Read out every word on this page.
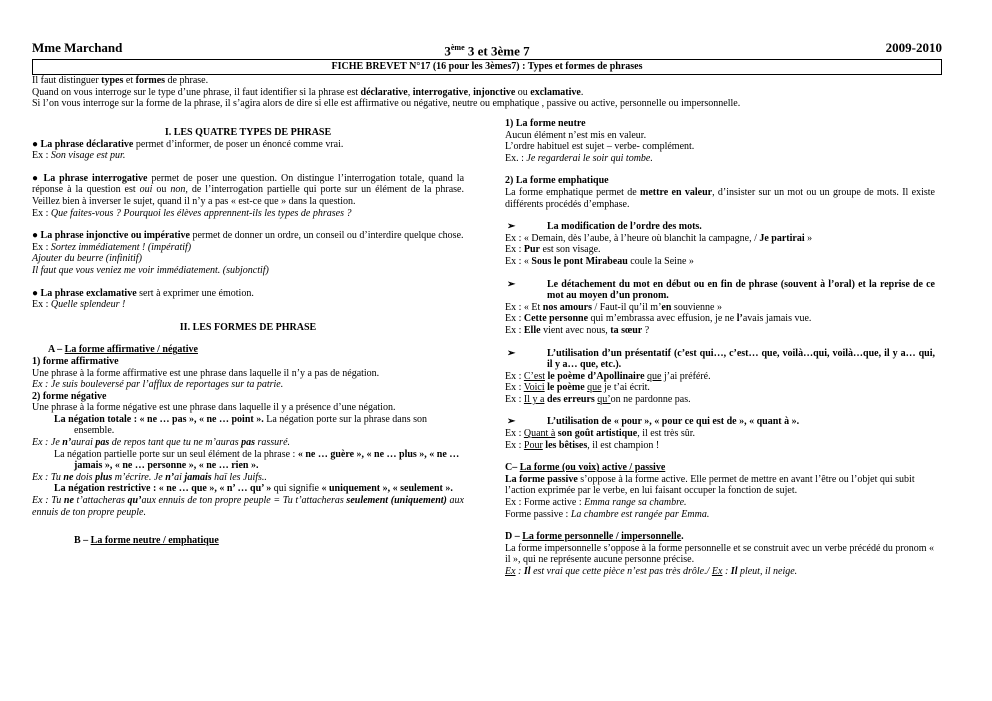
Mme Marchand	3ème 3 et 3ème 7	2009-2010
FICHE BREVET N°17 (16 pour les 3èmes7) : Types et formes de phrases

Il faut distinguer types et formes de phrase.

Quand on vous interroge sur le type d’une phrase, il faut identifier si la phrase est déclarative, interrogative, injonctive ou exclamative.

Si l’on vous interroge sur la forme de la phrase, il s’agira alors de dire si elle est affirmative ou négative, neutre ou emphatique , passive ou active, personnelle ou impersonnelle.

I. LES QUATRE TYPES DE PHRASE

● La phrase déclarative permet d’informer, de poser un énoncé comme vrai.

Ex : Son visage est pur.

● La phrase interrogative permet de poser une question. On distingue l’interrogation totale, quand la réponse à la question est oui ou non, de l’interrogation partielle qui porte sur un élément de la phrase. Veillez bien à inverser le sujet, quand il n’y a pas « est-ce que » dans la question.

Ex : Que faites-vous ? Pourquoi les élèves apprennent-ils les types de phrases ?

● La phrase injonctive ou impérative permet de donner un ordre, un conseil ou d’interdire quelque chose.

Ex : Sortez immédiatement ! (impératif)

Ajouter du beurre (infinitif)

Il faut que vous veniez me voir immédiatement. (subjonctif)

● La phrase exclamative sert à exprimer une émotion.

Ex : Quelle splendeur !

II. LES FORMES DE PHRASE

A – La forme affirmative / négative

1) forme affirmative

Une phrase à la forme affirmative est une phrase dans laquelle il n’y a pas de négation.

Ex : Je suis bouleversé par l’afflux de reportages sur ta patrie.

2) forme négative

Une phrase à la forme négative est une phrase dans laquelle il y a présence d’une négation.

La négation totale : « ne … pas », « ne … point ». La négation porte sur la phrase dans son ensemble.

Ex : Je n’aurai pas de repos tant que tu ne m’auras pas rassuré.

La négation partielle porte sur un seul élément de la phrase : « ne … guère », « ne … plus », « ne … jamais », « ne … personne », « ne … rien ».

Ex : Tu ne dois plus m’écrire. Je n’ai jamais haï les Juifs..

La négation restrictive : « ne … que », « n’ … qu’ » qui signifie « uniquement », « seulement ».

Ex : Tu ne t’attacheras qu’aux ennuis de ton propre peuple = Tu t’attacheras seulement (uniquement) aux ennuis de ton propre peuple.

B – La forme neutre / emphatique

1) La forme neutre

Aucun élément n’est mis en valeur.

L’ordre habituel est sujet – verbe- complément.

Ex. : Je regarderai le soir qui tombe.

2) La forme emphatique

La forme emphatique permet de mettre en valeur, d’insister sur un mot ou un groupe de mots. Il existe différents procédés d’emphase.

➢	La modification de l’ordre des mots.

Ex : « Demain, dès l’aube, à l’heure où blanchit la campagne, / Je partirai »

Ex : Pur est son visage.

Ex : « Sous le pont Mirabeau coule la Seine »

➢	Le détachement du mot en début ou en fin de phrase (souvent à l’oral) et la reprise de ce mot au moyen d’un pronom.

Ex : « Et nos amours / Faut-il qu’il m’en souvienne »

Ex : Cette personne qui m’embrassa avec effusion, je ne l’avais jamais vue.

Ex : Elle vient avec nous, ta sœur ?

➢	L’utilisation d’un présentatif (c’est qui…, c’est… que, voilà…qui, voilà…que, il y a… qui, il y a… que, etc.).

Ex : C’est le poème d’Apollinaire que j’ai préféré.

Ex : Voici le poème que je t’ai écrit.

Ex : Il y a des erreurs qu’on ne pardonne pas.

➢	L’utilisation de « pour », « pour ce qui est de », « quant à ».

Ex : Quant à son goût artistique, il est très sûr.

Ex : Pour les bêtises, il est champion !

C– La forme (ou voix) active / passive

La forme passive s’oppose à la forme active. Elle permet de mettre en avant l’être ou l’objet qui subit l’action exprimée par le verbe, en lui faisant occuper la fonction de sujet.

Ex : Forme active : Emma range sa chambre.

Forme passive : La chambre est rangée par Emma.

D – La forme personnelle / impersonnelle.

La forme impersonnelle s’oppose à la forme personnelle et se construit avec un verbe précédé du pronom « il », qui ne représente aucune personne précise.

Ex : Il est vrai que cette pièce n’est pas très drôle./ Ex : Il pleut, il neige.
